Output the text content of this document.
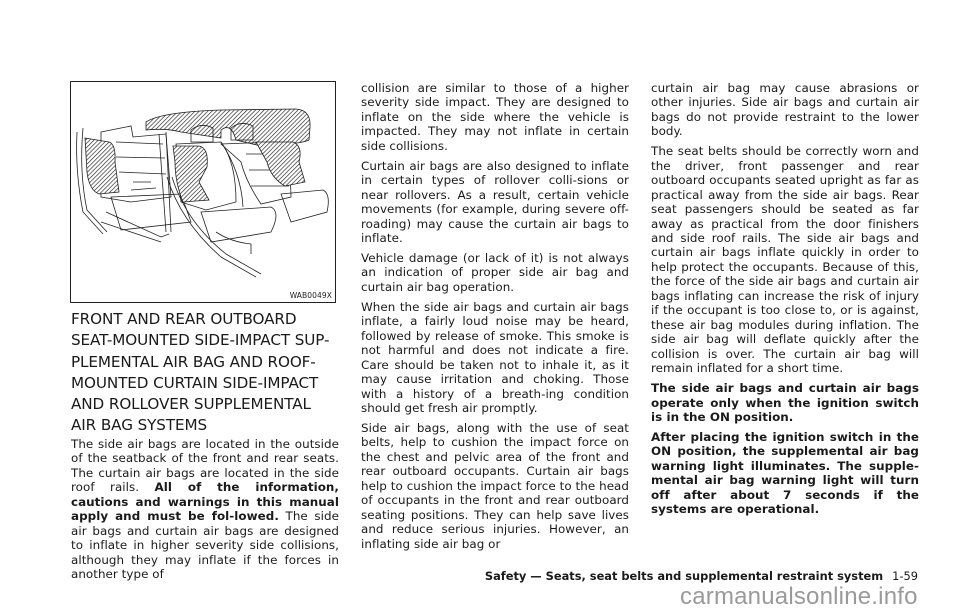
WAB0049X
FRONT AND REAR OUTBOARD
SEAT-MOUNTED SIDE-IMPACT SUP-
PLEMENTAL AIR BAG AND ROOF-
MOUNTED CURTAIN SIDE-IMPACT
AND ROLLOVER SUPPLEMENTAL
AIR BAG SYSTEMS

The side air bags are located in the outside of the seatback of the front and rear seats. The curtain air bags are located in the side roof rails. All of the information, cautions and warnings in this manual apply and must be fol-lowed. The side air bags and curtain air bags are designed to inflate in higher severity side collisions, although they may inflate if the forces in another type of

collision are similar to those of a higher severity side impact. They are designed to inflate on the side where the vehicle is impacted. They may not inflate in certain side collisions.

Curtain air bags are also designed to inflate in certain types of rollover colli-sions or near rollovers. As a result, certain vehicle movements (for example, during severe off-roading) may cause the curtain air bags to inflate.

Vehicle damage (or lack of it) is not always an indication of proper side air bag and curtain air bag operation.

When the side air bags and curtain air bags inflate, a fairly loud noise may be heard, followed by release of smoke. This smoke is not harmful and does not indicate a fire. Care should be taken not to inhale it, as it may cause irritation and choking. Those with a history of a breath-ing condition should get fresh air promptly.

Side air bags, along with the use of seat belts, help to cushion the impact force on the chest and pelvic area of the front and rear outboard occupants. Curtain air bags help to cushion the impact force to the head of occupants in the front and rear outboard seating positions. They can help save lives and reduce serious injuries. However, an inflating side air bag or

curtain air bag may cause abrasions or other injuries. Side air bags and curtain air bags do not provide restraint to the lower body.

The seat belts should be correctly worn and the driver, front passenger and rear outboard occupants seated upright as far as practical away from the side air bags. Rear seat passengers should be seated as far away as practical from the door finishers and side roof rails. The side air bags and curtain air bags inflate quickly in order to help protect the occupants. Because of this, the force of the side air bags and curtain air bags inflating can increase the risk of injury if the occupant is too close to, or is against, these air bag modules during inflation. The side air bag will deflate quickly after the collision is over. The curtain air bag will remain inflated for a short time.

The side air bags and curtain air bags operate only when the ignition switch is in the ON position.

After placing the ignition switch in the ON position, the supplemental air bag warning light illuminates. The supple-mental air bag warning light will turn off after about 7 seconds if the systems are operational.

Safety — Seats, seat belts and supplemental restraint system 1-59
carmanualsonline.info
